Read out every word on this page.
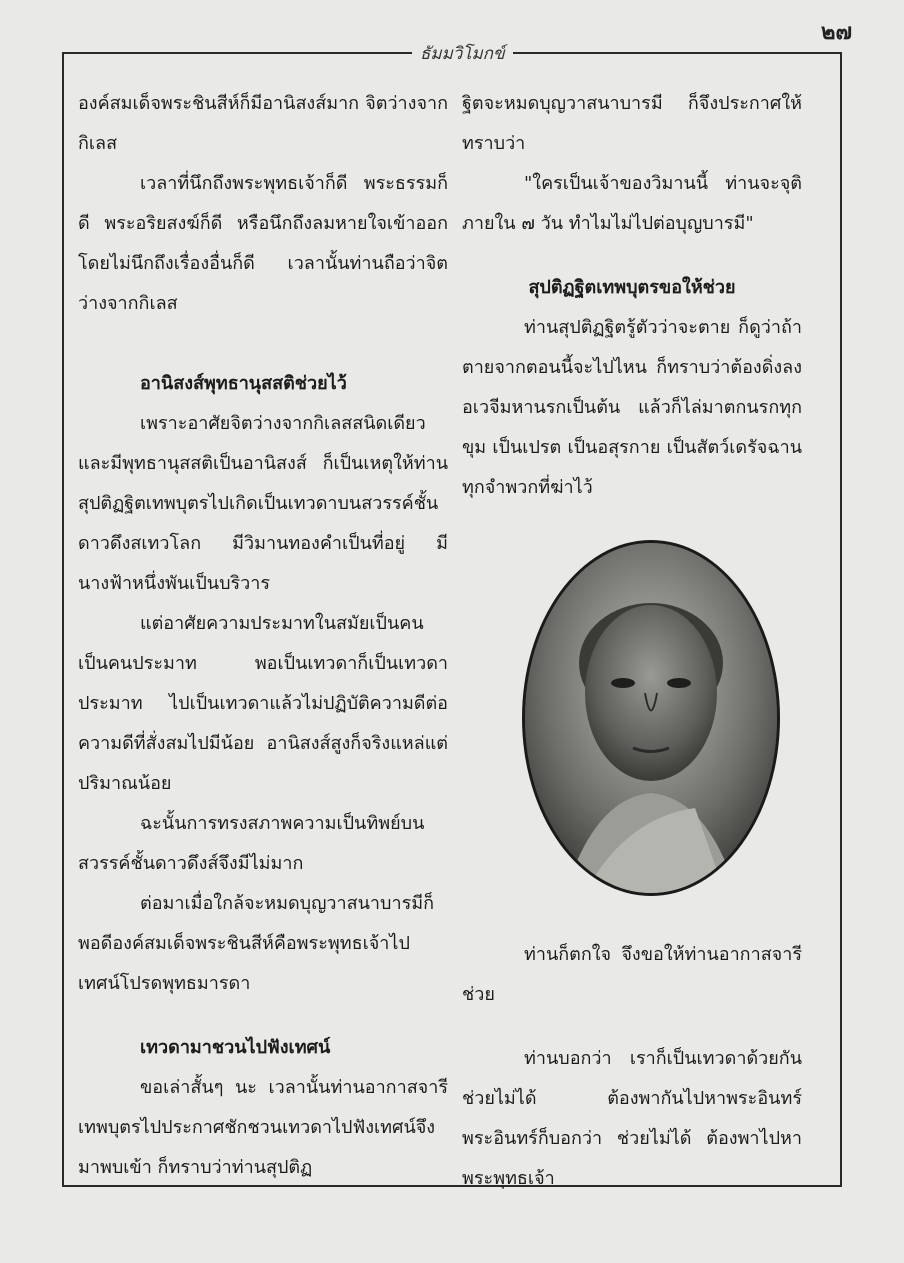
๒๗
ธัมมวิโมกข์

องค์สมเด็จพระชินสีห์ก็มีอานิสงส์มาก จิตว่างจากกิเลส

เวลาที่นึกถึงพระพุทธเจ้าก็ดี พระธรรมก็ดี พระอริยสงฆ์ก็ดี หรือนึกถึงลมหายใจเข้าออกโดยไม่นึกถึงเรื่องอื่นก็ดี เวลานั้นท่านถือว่าจิตว่างจากกิเลส

อานิสงส์พุทธานุสสติช่วยไว้

เพราะอาศัยจิตว่างจากกิเลสสนิดเดียว และมีพุทธานุสสติเป็นอานิสงส์ ก็เป็นเหตุให้ท่านสุปติฏฐิตเทพบุตรไปเกิดเป็นเทวดาบนสวรรค์ชั้นดาวดึงสเทวโลก มีวิมานทองคำเป็นที่อยู่ มีนางฟ้าหนึ่งพันเป็นบริวาร

แต่อาศัยความประมาทในสมัยเป็นคนเป็นคนประมาท พอเป็นเทวดาก็เป็นเทวดาประมาท ไปเป็นเทวดาแล้วไม่ปฏิบัติความดีต่อ ความดีที่สั่งสมไปมีน้อย อานิสงส์สูงก็จริงแหล่แต่ปริมาณน้อย

ฉะนั้นการทรงสภาพความเป็นทิพย์บนสวรรค์ชั้นดาวดึงส์จึงมีไม่มาก

ต่อมาเมื่อใกล้จะหมดบุญวาสนาบารมีก็พอดีองค์สมเด็จพระชินสีห์คือพระพุทธเจ้าไปเทศน์โปรดพุทธมารดา

เทวดามาชวนไปฟังเทศน์

ขอเล่าสั้นๆ นะ เวลานั้นท่านอากาสจารีเทพบุตรไปประกาศชักชวนเทวดาไปฟังเทศน์จึงมาพบเข้า ก็ทราบว่าท่านสุปติฏ

ฐิตจะหมดบุญวาสนาบารมี ก็จึงประกาศให้ทราบว่า

"ใครเป็นเจ้าของวิมานนี้ ท่านจะจุติภายใน ๗ วัน ทำไมไม่ไปต่อบุญบารมี"

สุปติฏฐิตเทพบุตรขอให้ช่วย

ท่านสุปติฏฐิตรู้ตัวว่าจะตาย ก็ดูว่าถ้าตายจากตอนนี้จะไปไหน ก็ทราบว่าต้องดิ่งลงอเวจีมหานรกเป็นต้น แล้วก็ไล่มาตกนรกทุกขุม เป็นเปรต เป็นอสุรกาย เป็นสัตว์เดรัจฉานทุกจำพวกที่ฆ่าไว้

ท่านก็ตกใจ จึงขอให้ท่านอากาสจารีช่วย

ท่านบอกว่า เราก็เป็นเทวดาด้วยกัน ช่วยไม่ได้ ต้องพากันไปหาพระอินทร์ พระอินทร์ก็บอกว่า ช่วยไม่ได้ ต้องพาไปหาพระพุทธเจ้า
